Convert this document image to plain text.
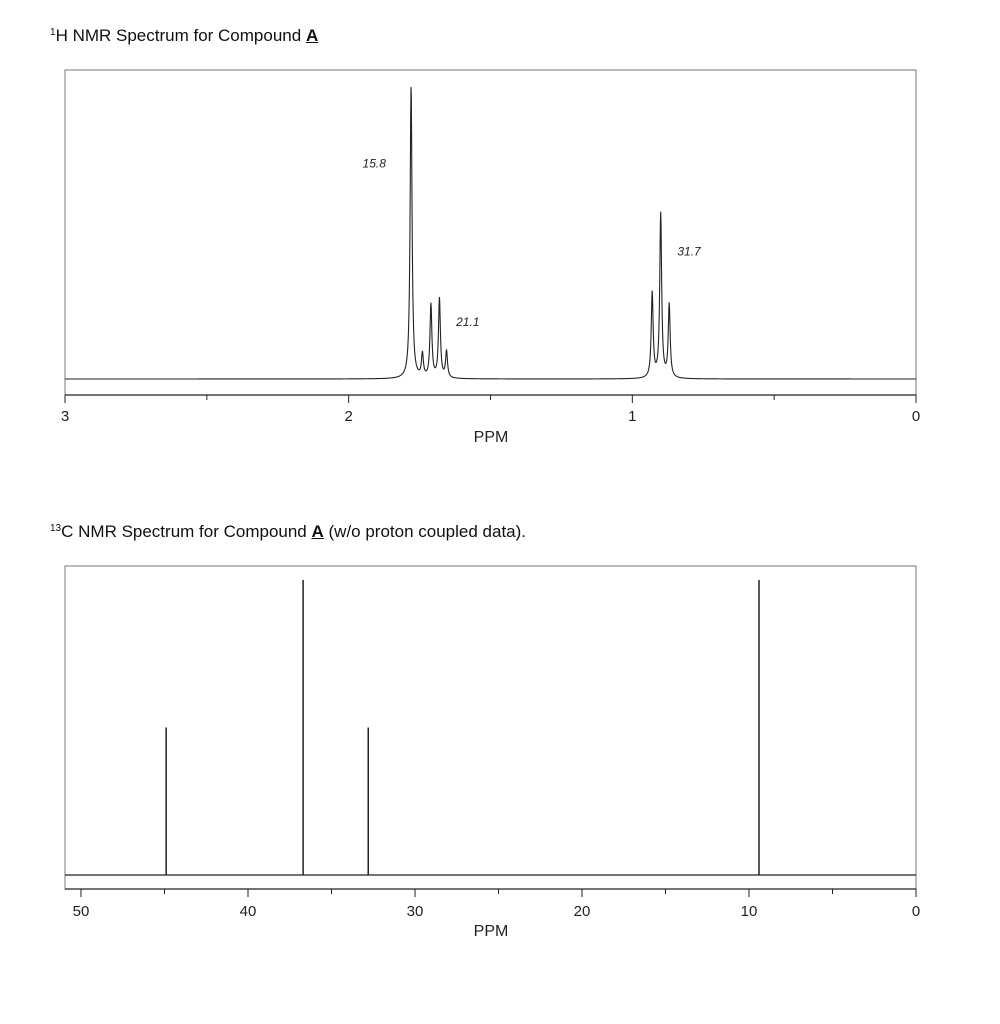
$^1$H NMR Spectrum for Compound A
$^{13}$C NMR Spectrum for Compound A (w/o proton coupled data).
3	2	1	0
15.8
21.1
31.7
PPM
50	40	30	20	10	0
PPM
